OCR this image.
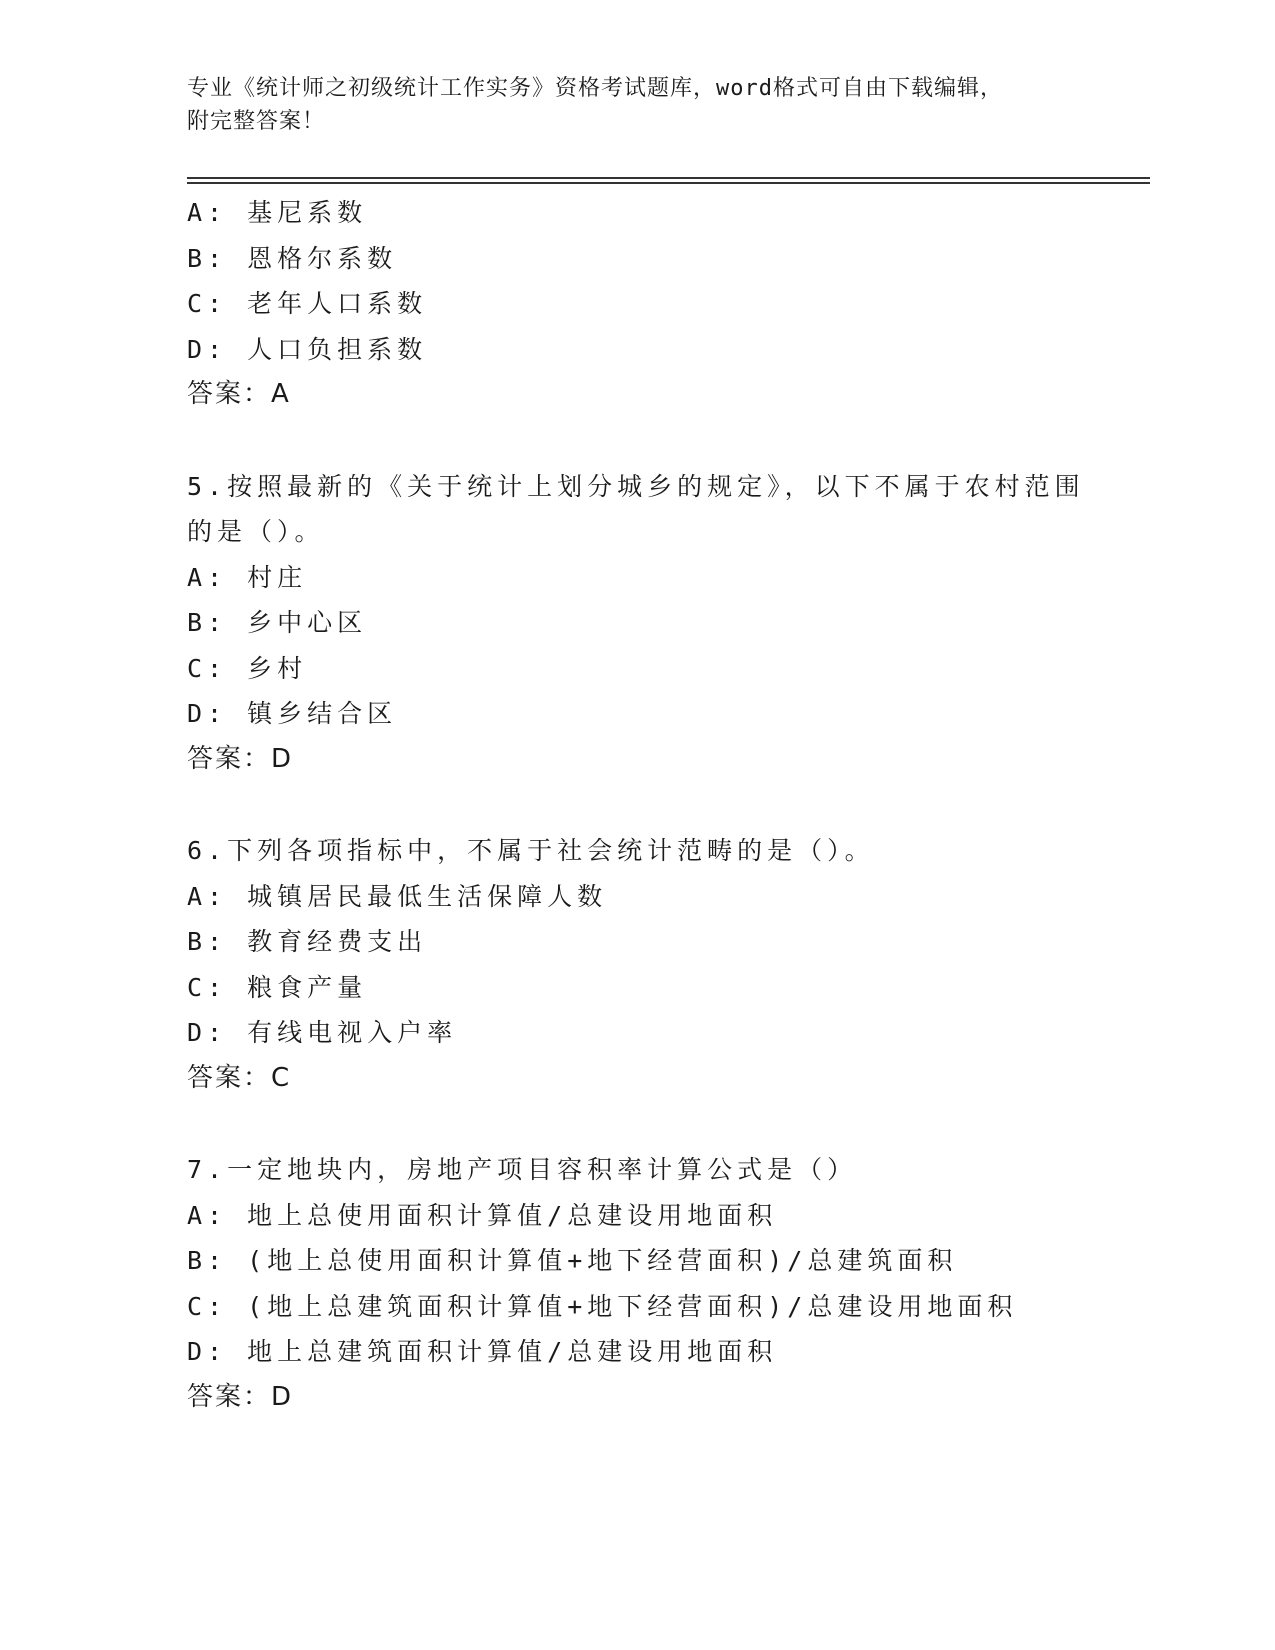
专业《统计师之初级统计工作实务》资格考试题库，word格式可自由下载编辑，
附完整答案！
A: 基尼系数
B: 恩格尔系数
C: 老年人口系数
D: 人口负担系数
答案：A
5.按照最新的《关于统计上划分城乡的规定》，以下不属于农村范围
的是（）。
A: 村庄
B: 乡中心区
C: 乡村
D: 镇乡结合区
答案：D
6.下列各项指标中，不属于社会统计范畴的是（）。
A: 城镇居民最低生活保障人数
B: 教育经费支出
C: 粮食产量
D: 有线电视入户率
答案：C
7.一定地块内，房地产项目容积率计算公式是（）
A: 地上总使用面积计算值/总建设用地面积
B: (地上总使用面积计算值+地下经营面积)/总建筑面积
C: (地上总建筑面积计算值+地下经营面积)/总建设用地面积
D: 地上总建筑面积计算值/总建设用地面积
答案：D
